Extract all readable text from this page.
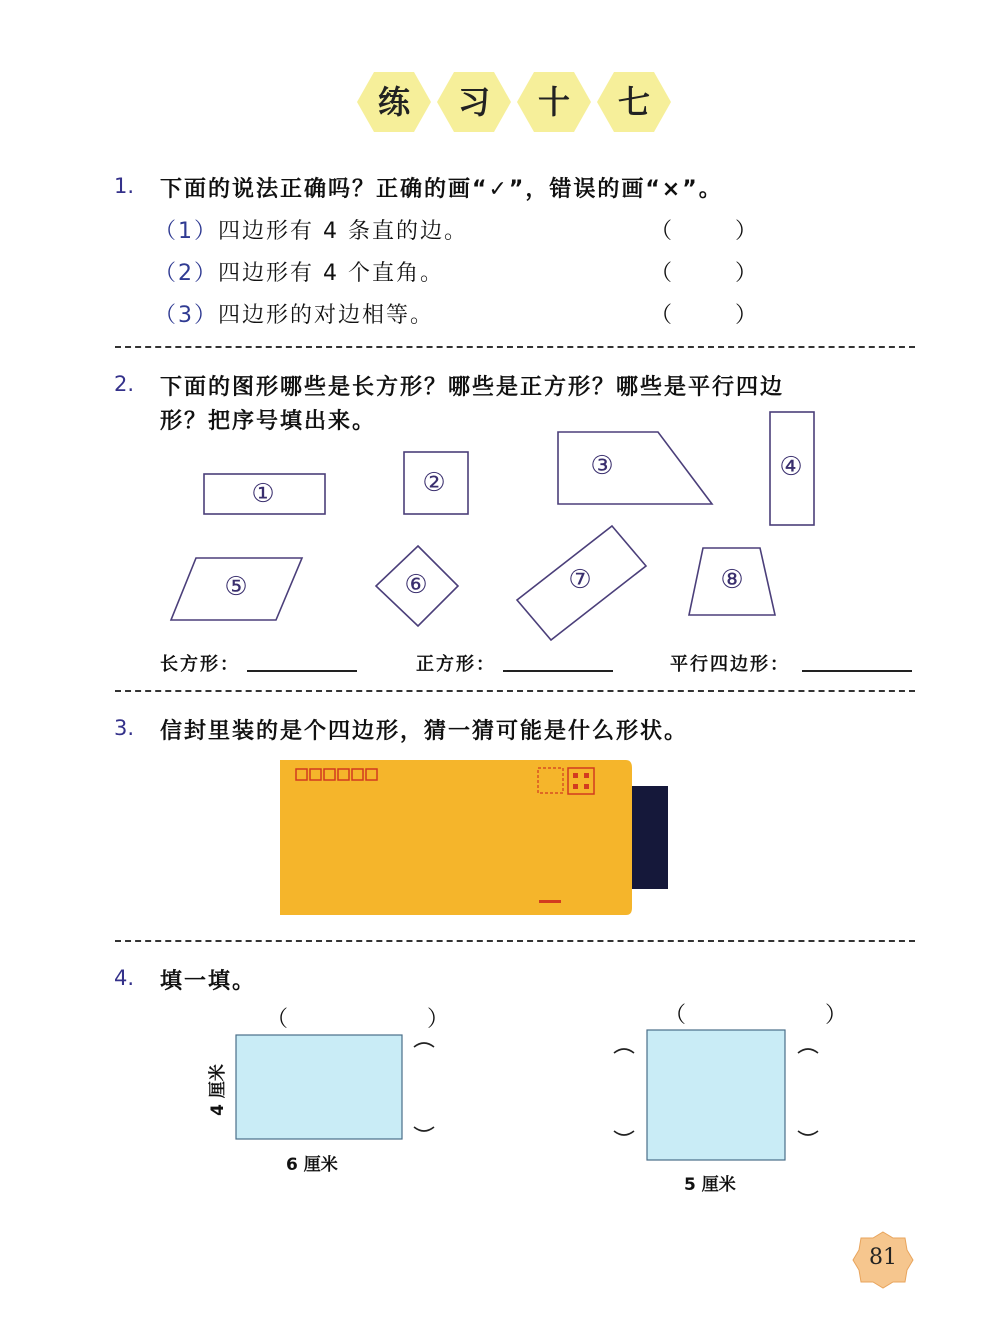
练	习	十	七
1. 下面的说法正确吗？正确的画“✓”，错误的画“×”。
（1） 四边形有 4 条直的边。	（ ）
（2） 四边形有 4 个直角。	（ ）
（3） 四边形的对边相等。	（ ）
2. 下面的图形哪些是长方形？哪些是正方形？哪些是平行四边
形？把序号填出来。
①	②
③	④
⑤	⑥	⑦	⑧
4 厘米
长方形：	正方形：	平行四边形：
3. 信封里装的是个四边形，猜一猜可能是什么形状。
4. 填一填。
（ ）
6 厘米
（ ）
5 厘米
81
